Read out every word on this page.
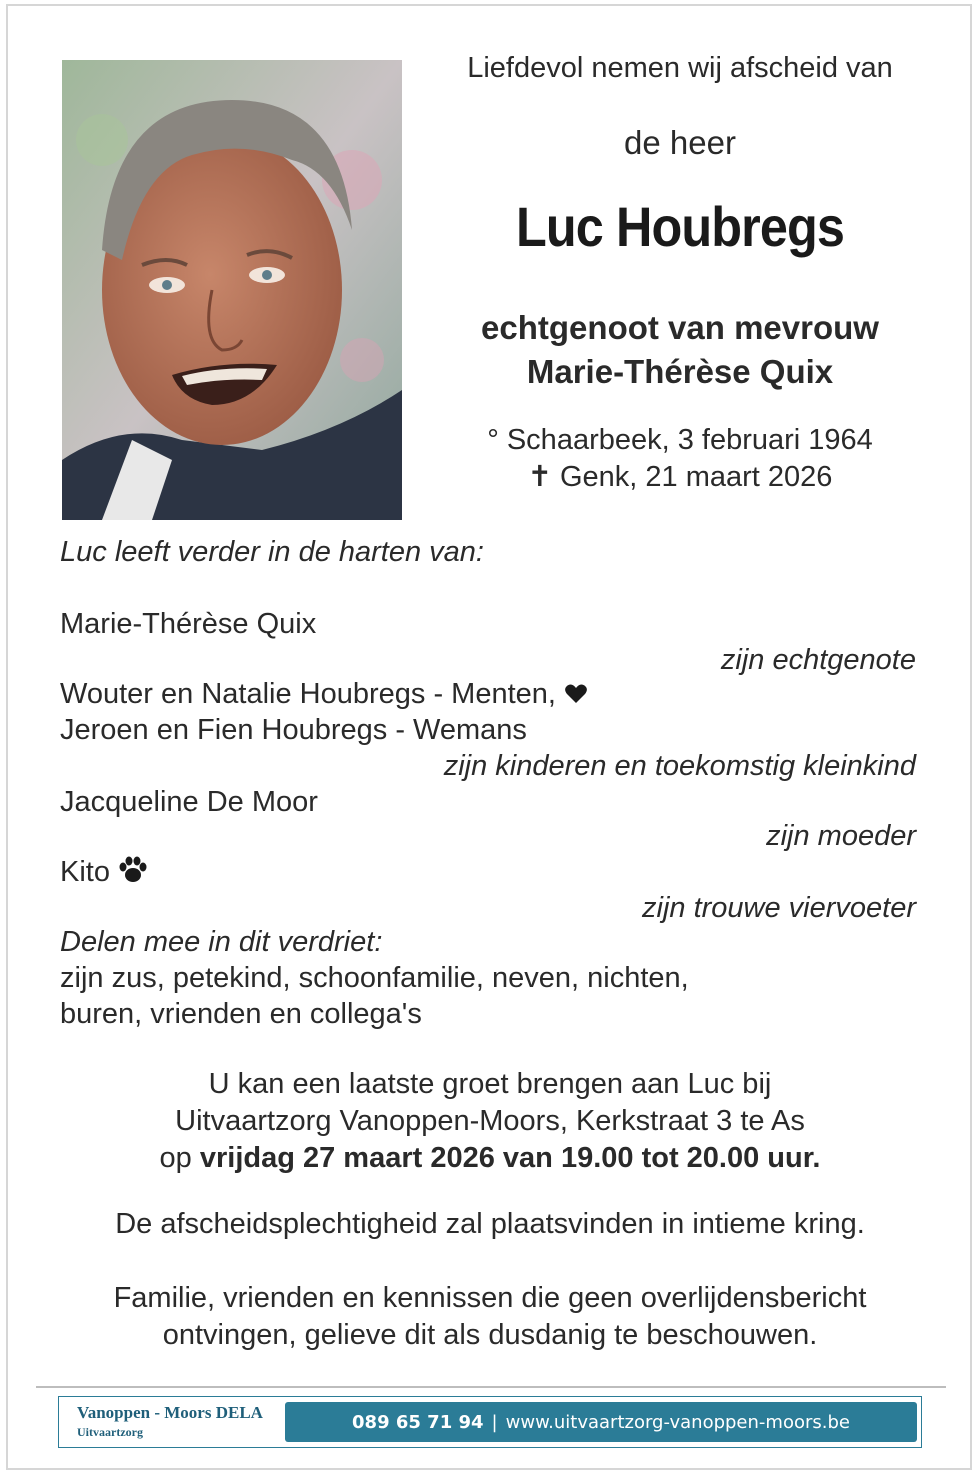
Liefdevol nemen wij afscheid van
de heer
Luc Houbregs
echtgenoot van mevrouw
Marie-Thérèse Quix
° Schaarbeek, 3 februari 1964
✝ Genk, 21 maart 2026
Luc leeft verder in de harten van:
Marie-Thérèse Quix
zijn echtgenote
Wouter en Natalie Houbregs - Menten,
Jeroen en Fien Houbregs - Wemans
zijn kinderen en toekomstig kleinkind
Jacqueline De Moor
zijn moeder
Kito
zijn trouwe viervoeter
Delen mee in dit verdriet:
zijn zus, petekind, schoonfamilie, neven, nichten,
buren, vrienden en collega's
U kan een laatste groet brengen aan Luc bij
Uitvaartzorg Vanoppen-Moors, Kerkstraat 3 te As
op vrijdag 27 maart 2026 van 19.00 tot 20.00 uur.
De afscheidsplechtigheid zal plaatsvinden in intieme kring.
Familie, vrienden en kennissen die geen overlijdensbericht
ontvingen, gelieve dit als dusdanig te beschouwen.
Vanoppen - Moors DELA
Uitvaartzorg	089 65 71 94 | www.uitvaartzorg-vanoppen-moors.be
